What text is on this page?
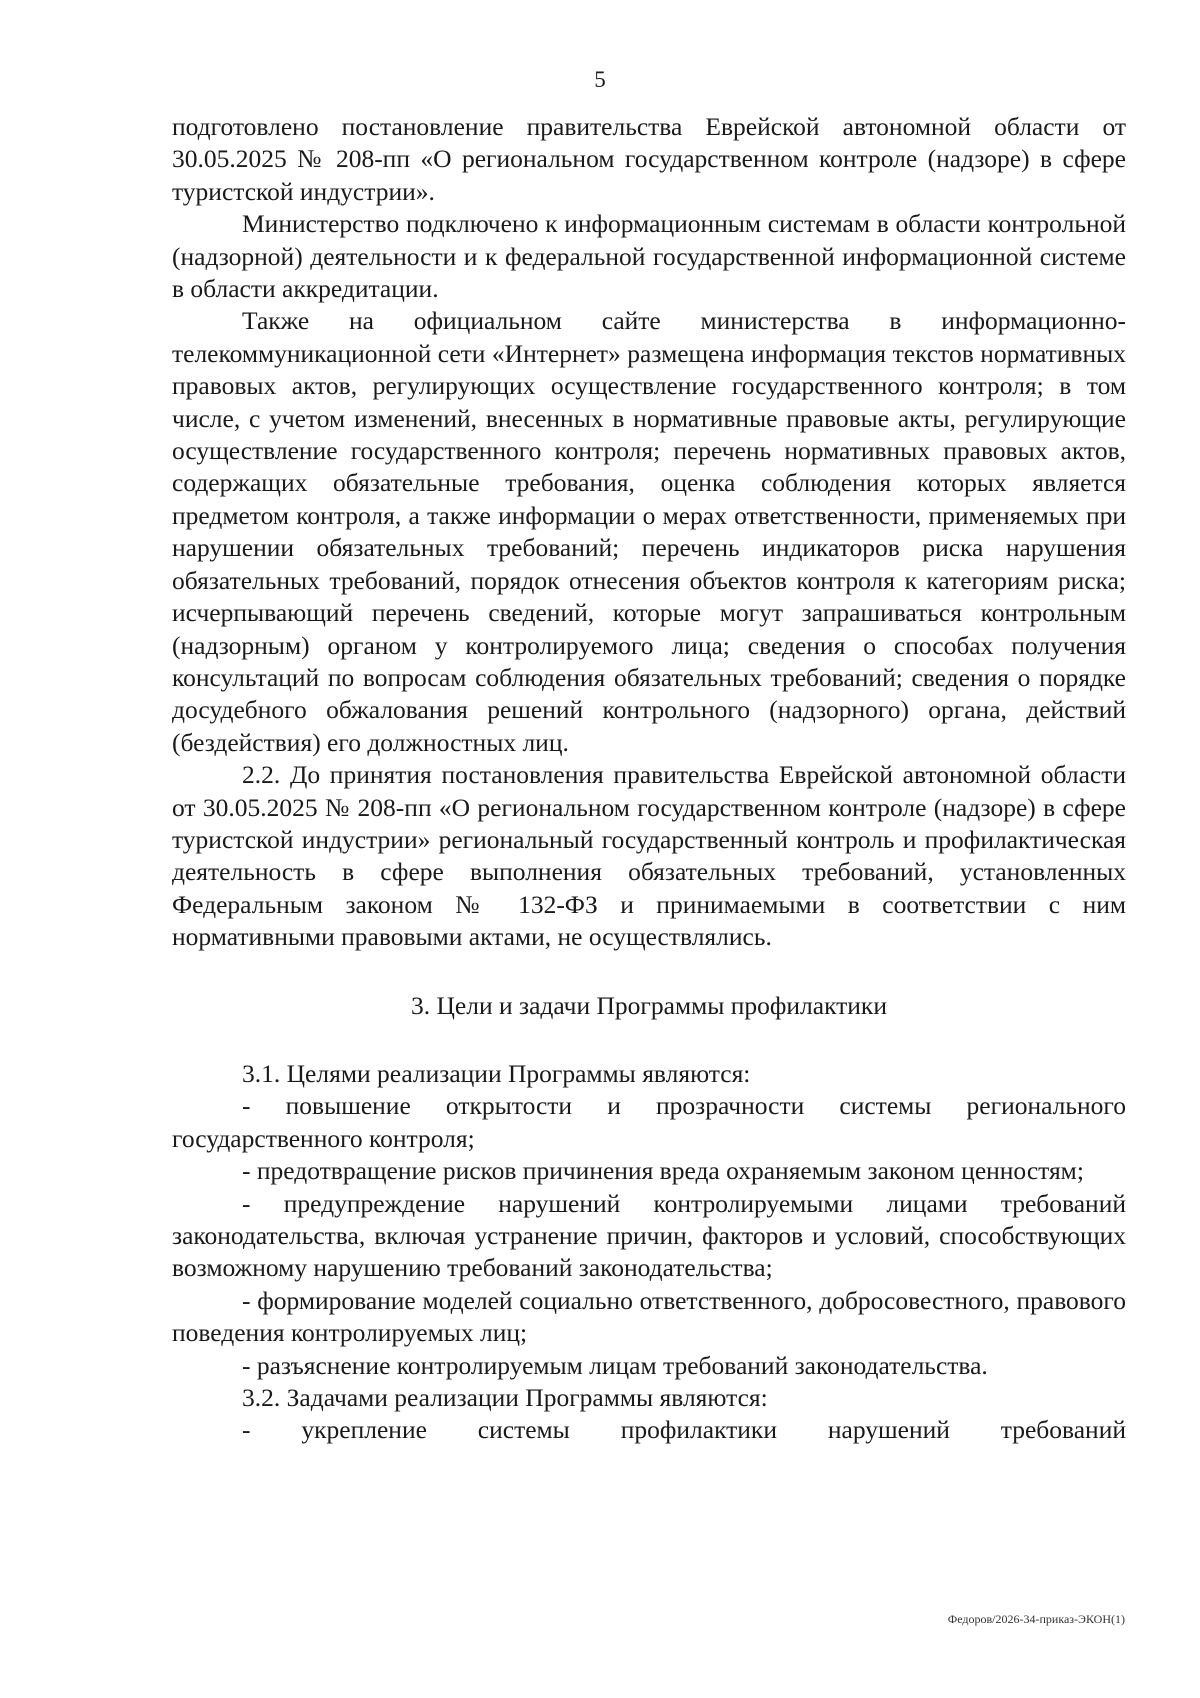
5

подготовлено постановление правительства Еврейской автономной области от 30.05.2025 № 208-пп «О региональном государственном контроле (надзоре) в сфере туристской индустрии».

Министерство подключено к информационным системам в области контрольной (надзорной) деятельности и к федеральной государственной информационной системе в области аккредитации.

Также на официальном сайте министерства в информационно-телекоммуникационной сети «Интернет» размещена информация текстов нормативных правовых актов, регулирующих осуществление государственного контроля; в том числе, с учетом изменений, внесенных в нормативные правовые акты, регулирующие осуществление государственного контроля; перечень нормативных правовых актов, содержащих обязательные требования, оценка соблюдения которых является предметом контроля, а также информации о мерах ответственности, применяемых при нарушении обязательных требований; перечень индикаторов риска нарушения обязательных требований, порядок отнесения объектов контроля к категориям риска; исчерпывающий перечень сведений, которые могут запрашиваться контрольным (надзорным) органом у контролируемого лица; сведения о способах получения консультаций по вопросам соблюдения обязательных требований; сведения о порядке досудебного обжалования решений контрольного (надзорного) органа, действий (бездействия) его должностных лиц.

2.2. До принятия постановления правительства Еврейской автономной области от 30.05.2025 № 208-пп «О региональном государственном контроле (надзоре) в сфере туристской индустрии» региональный государственный контроль и профилактическая деятельность в сфере выполнения обязательных требований, установленных Федеральным законом № 132-ФЗ и принимаемыми в соответствии с ним нормативными правовыми актами, не осуществлялись.

3. Цели и задачи Программы профилактики

3.1. Целями реализации Программы являются:

- повышение открытости и прозрачности системы регионального государственного контроля;

- предотвращение рисков причинения вреда охраняемым законом ценностям;

- предупреждение нарушений контролируемыми лицами требований законодательства, включая устранение причин, факторов и условий, способствующих возможному нарушению требований законодательства;

- формирование моделей социально ответственного, добросовестного, правового поведения контролируемых лиц;

- разъяснение контролируемым лицам требований законодательства.

3.2. Задачами реализации Программы являются:

- укрепление системы профилактики нарушений требований

Федоров/2026-34-приказ-ЭКОН(1)
